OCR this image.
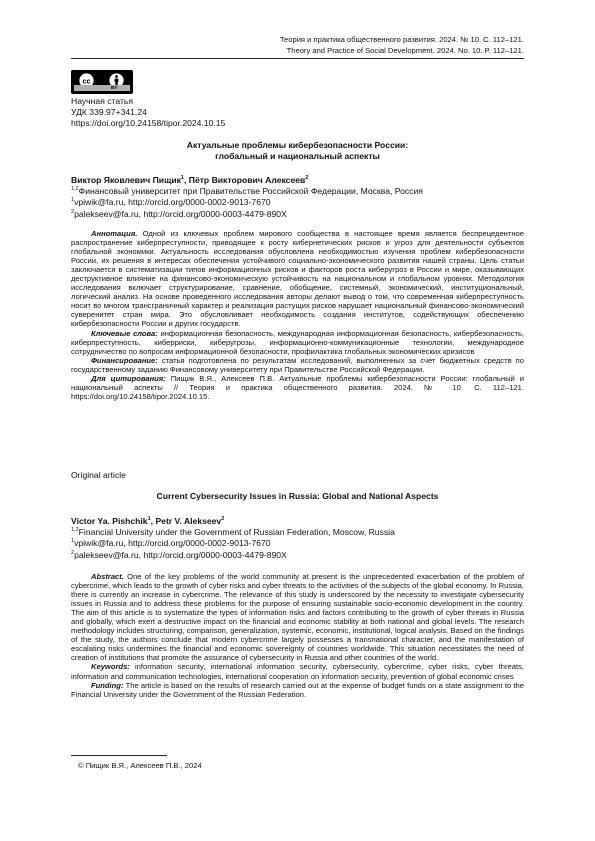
Теория и практика общественного развития. 2024. № 10. С. 112–121.
Theory and Practice of Social Development. 2024. No. 10. P. 112–121.
cc
BY
Научная статья
УДК 339.97+341.24
https://doi.org/10.24158/tipor.2024.10.15
Актуальные проблемы кибербезопасности России:
глобальный и национальный аспекты
Виктор Яковлевич Пищик$^1$, Пётр Викторович Алексеев$^2$
$^{1,2}$Финансовый университет при Правительстве Российской Федерации, Москва, Россия
$^1$vpiwik@fa.ru, http://orcid.org/0000-0002-9013-7670
$^2$palekseev@fa.ru, http://orcid.org/0000-0003-4479-890X

Аннотация. Одной из ключевых проблем мирового сообщества в настоящее время является беспрецедентное распространение киберпреступности, приводящее к росту кибернетических рисков и угроз для деятельности субъектов глобальной экономики. Актуальность исследования обусловлена необходимостью изучения проблем кибербезопасности России, их решения в интересах обеспечения устойчивого социально-экономического развития нашей страны. Цель статьи заключается в систематизации типов информационных рисков и факторов роста киберугроз в России и мире, оказывающих деструктивное влияние на финансово-экономическую устойчивость на национальном и глобальном уровнях. Методология исследования включает структурирование, сравнение, обобщение, системный, экономический, институциональный, логический анализ. На основе проведенного исследования авторы делают вывод о том, что современная киберпреступность носит во многом трансграничный характер и реализация растущих рисков нарушает национальный финансово-экономический суверенитет стран мира. Это обусловливает необходимость создания институтов, содействующих обеспечению кибербезопасности России и других государств.

Ключевые слова: информационная безопасность, международная информационная безопасность, кибербезопасность, киберпреступность, киберриски, киберугрозы, информационно-коммуникационные технологии, международное сотрудничество по вопросам информационной безопасности, профилактика глобальных экономических кризисов

Финансирование: статья подготовлена по результатам исследований, выполненных за счет бюджетных средств по государственному заданию Финансовому университету при Правительстве Российской Федерации.

Для цитирования: Пищик В.Я., Алексеев П.В. Актуальные проблемы кибербезопасности России: глобальный и национальный аспекты // Теория и практика общественного развития. 2024. № 10. С. 112–121. https://doi.org/10.24158/tipor.2024.10.15.

Original article
Current Cybersecurity Issues in Russia: Global and National Aspects
Victor Ya. Pishchik$^1$, Petr V. Alekseev$^2$
$^{1,2}$Financial University under the Government of Russian Federation, Moscow, Russia
$^1$vpiwik@fa.ru, http://orcid.org/0000-0002-9013-7670
$^2$palekseev@fa.ru, http://orcid.org/0000-0003-4479-890X

Abstract. One of the key problems of the world community at present is the unprecedented exacerbation of the problem of cybercrime, which leads to the growth of cyber risks and cyber threats to the activities of the subjects of the global economy. In Russia, there is currently an increase in cybercrime. The relevance of this study is underscored by the necessity to investigate cybersecurity issues in Russia and to address these problems for the purpose of ensuring sustainable socio-economic development in the country. The aim of this article is to systematize the types of information risks and factors contributing to the growth of cyber threats in Russia and globally, which exert a destructive impact on the financial and economic stability at both national and global levels. The research methodology includes structuring, comparison, generalization, systemic, economic, institutional, logical analysis. Based on the findings of the study, the authors conclude that modern cybercrime largely possesses a transnational character, and the manifestation of escalating risks undermines the financial and economic sovereignty of countries worldwide. This situation necessitates the need of creation of institutions that promote the assurance of cybersecurity in Russia and other countries of the world.

Keywords: information security, international information security, cybersecurity, cybercrime, cyber risks, cyber threats, information and communication technologies, international cooperation on information security, prevention of global economic crises

Funding: The article is based on the results of research carried out at the expense of budget funds on a state assignment to the Financial University under the Government of the Russian Federation.

© Пищик В.Я., Алексеев П.В., 2024
